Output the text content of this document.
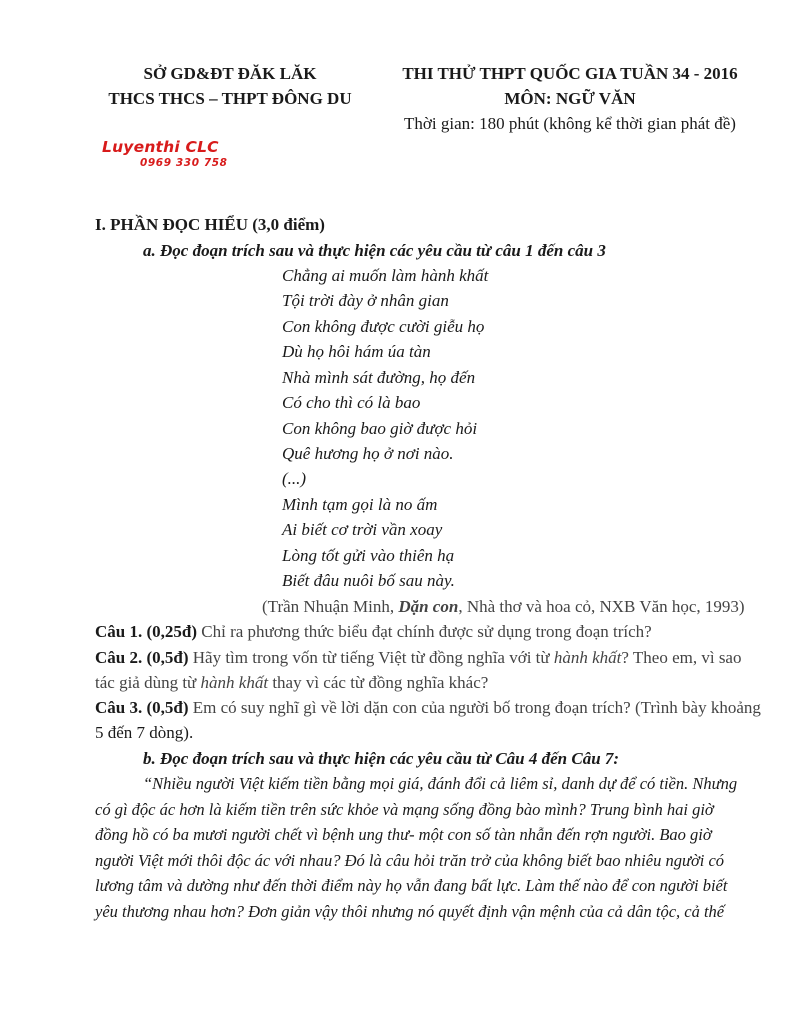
SỞ GD&ĐT ĐĂK LĂK
THCS THCS – THPT ĐÔNG DU
THI THỬ THPT QUỐC GIA TUẦN 34 - 2016
MÔN: NGỮ VĂN
Thời gian: 180 phút (không kể thời gian phát đề)
Luyenthi CLC
0969 330 758
I. PHẦN ĐỌC HIỂU (3,0 điểm)
a. Đọc đoạn trích sau và thực hiện các yêu cầu từ câu 1 đến câu 3
Chẳng ai muốn làm hành khất
Tội trời đày ở nhân gian
Con không được cười giễu họ
Dù họ hôi hám úa tàn
Nhà mình sát đường, họ đến
Có cho thì có là bao
Con không bao giờ được hỏi
Quê hương họ ở nơi nào.
(...)
Mình tạm gọi là no ấm
Ai biết cơ trời vần xoay
Lòng tốt gửi vào thiên hạ
Biết đâu nuôi bố sau này.
(Trần Nhuận Minh, Dặn con, Nhà thơ và hoa cỏ, NXB Văn học, 1993)
Câu 1. (0,25đ) Chỉ ra phương thức biểu đạt chính được sử dụng trong đoạn trích?
Câu 2. (0,5đ) Hãy tìm trong vốn từ tiếng Việt từ đồng nghĩa với từ hành khất? Theo em, vì sao
tác giả dùng từ hành khất thay vì các từ đồng nghĩa khác?
Câu 3. (0,5đ) Em có suy nghĩ gì về lời dặn con của người bố trong đoạn trích? (Trình bày khoảng
5 đến 7 dòng).
b. Đọc đoạn trích sau và thực hiện các yêu cầu từ Câu 4 đến Câu 7:
“Nhiều người Việt kiếm tiền bằng mọi giá, đánh đổi cả liêm sỉ, danh dự để có tiền. Nhưng
có gì độc ác hơn là kiếm tiền trên sức khỏe và mạng sống đồng bào mình? Trung bình hai giờ
đồng hồ có ba mươi người chết vì bệnh ung thư- một con số tàn nhẫn đến rợn người. Bao giờ
người Việt mới thôi độc ác với nhau? Đó là câu hỏi trăn trở của không biết bao nhiêu người có
lương tâm và dường như đến thời điểm này họ vẫn đang bất lực. Làm thế nào để con người biết
yêu thương nhau hơn? Đơn giản vậy thôi nhưng nó quyết định vận mệnh của cả dân tộc, cả thế
